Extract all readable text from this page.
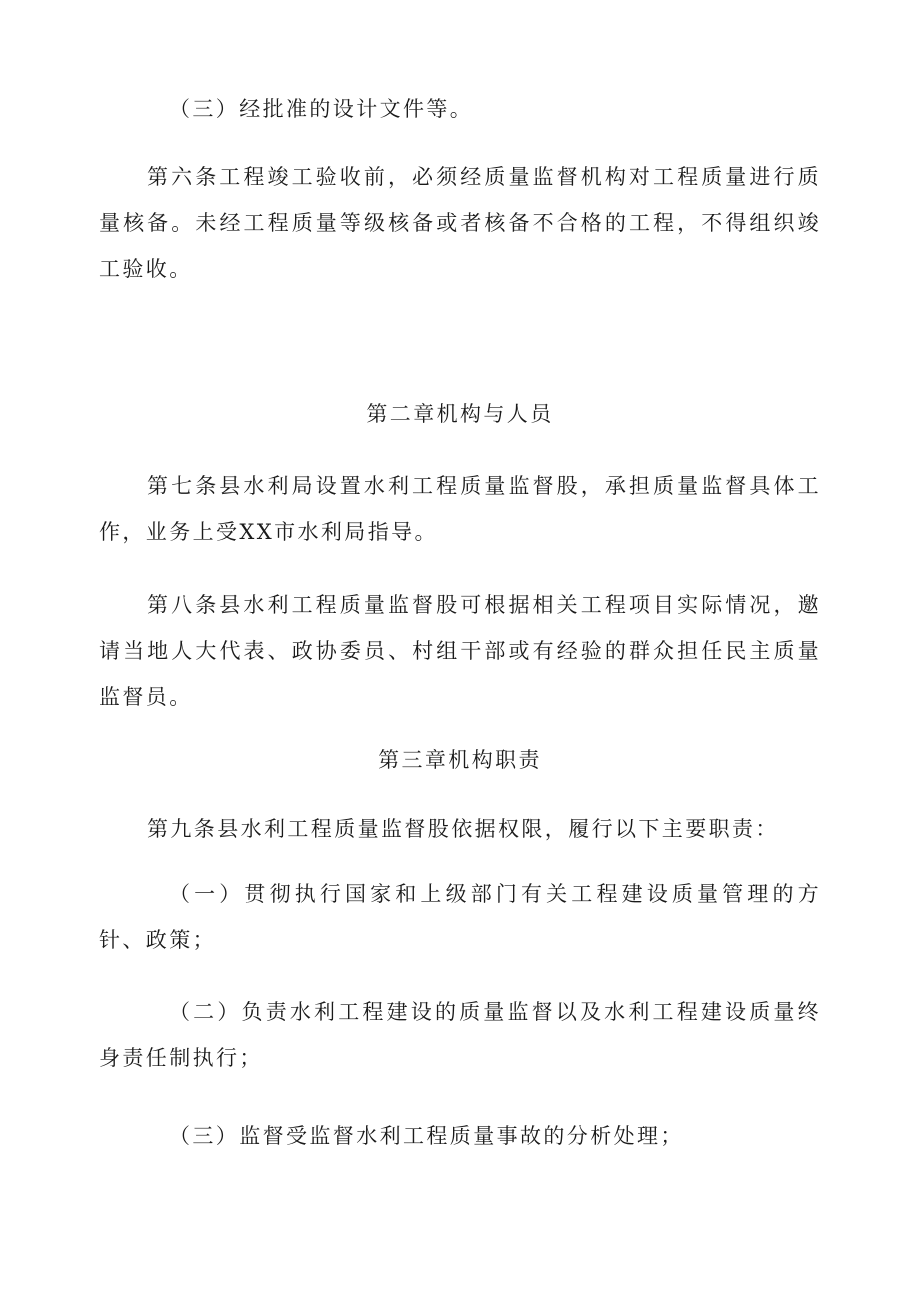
（三）经批准的设计文件等。

第六条工程竣工验收前，必须经质量监督机构对工程质量进行质量核备。未经工程质量等级核备或者核备不合格的工程，不得组织竣工验收。

第二章机构与人员

第七条县水利局设置水利工程质量监督股，承担质量监督具体工作，业务上受XX市水利局指导。

第八条县水利工程质量监督股可根据相关工程项目实际情况，邀请当地人大代表、政协委员、村组干部或有经验的群众担任民主质量监督员。

第三章机构职责

第九条县水利工程质量监督股依据权限，履行以下主要职责：

（一）贯彻执行国家和上级部门有关工程建设质量管理的方针、政策；

（二）负责水利工程建设的质量监督以及水利工程建设质量终身责任制执行；

（三）监督受监督水利工程质量事故的分析处理；
